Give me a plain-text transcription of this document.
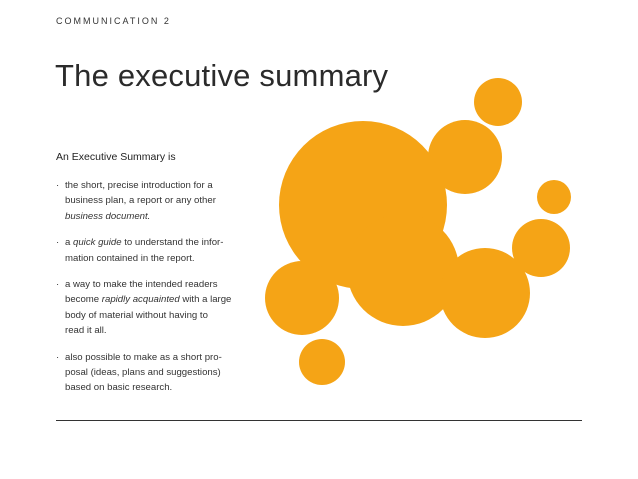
COMMUNICATION 2
The executive summary
An Executive Summary is
· the short, precise introduction for a
business plan, a report or any other
business document.
· a quick guide to understand the infor-
mation contained in the report.
· a way to make the intended readers
become rapidly acquainted with a large
body of material without having to
read it all.
· also possible to make as a short pro-
posal (ideas, plans and suggestions)
based on basic research.
